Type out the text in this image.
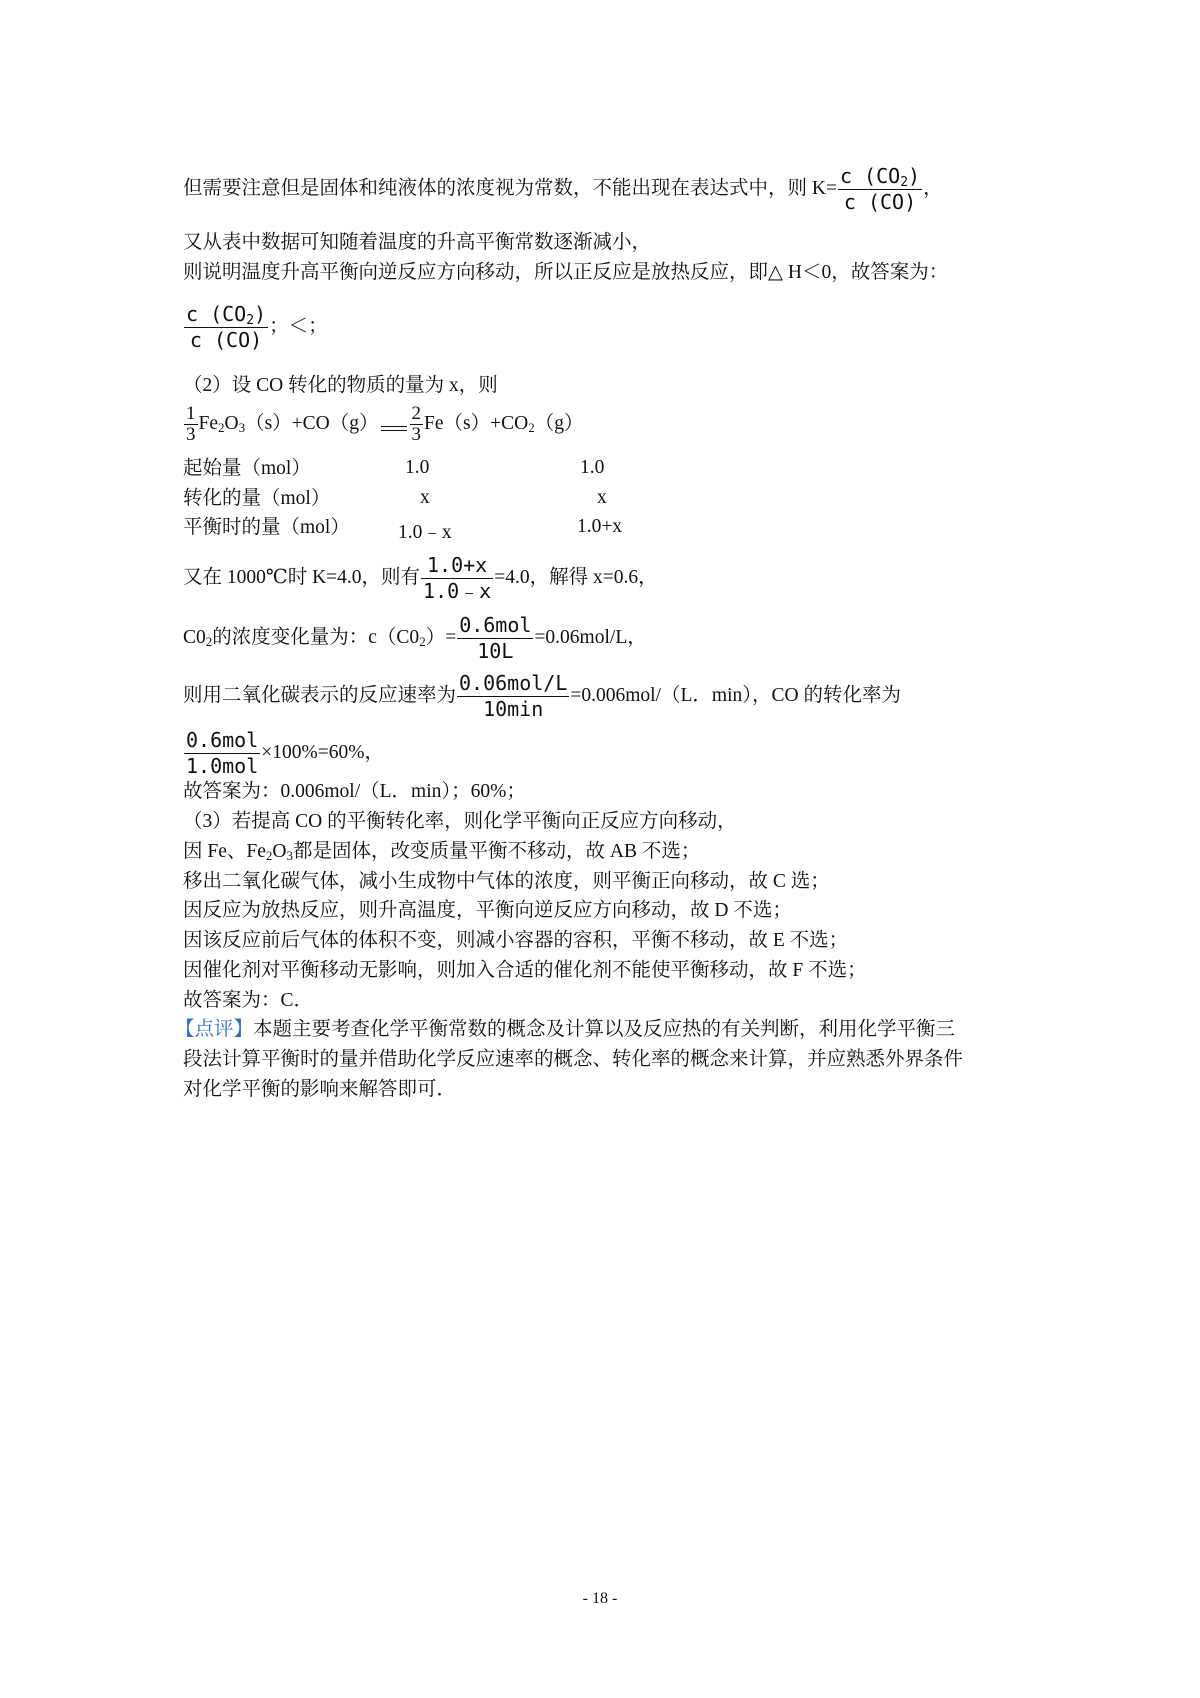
但需要注意但是固体和纯液体的浓度视为常数，不能出现在表达式中，则 $K= \frac{c (CO_2)}{c (CO)}$ ，
又从表中数据可知随着温度的升高平衡常数逐渐减小，
则说明温度升高平衡向逆反应方向移动，所以正反应是放热反应，即△ H＜0，故答案为：
$\frac{c (CO_2)}{c (CO)}$ ；＜；
（2）设 CO 转化的物质的量为 x，则
$\frac{1}{3} Fe_2O_3(s)+CO(g) \frac{2}{3} Fe(s)+CO_2(g)$
起始量（mol）	1.0	1.0
转化的量（mol）	x	x
平衡时的量（mol） 1.0﹣x	1.0+x
又在 1000℃时 K=4.0，则有 $\frac{1.0+x}{1.0﹣x} =4.0$，解得 x=0.6，
$C0_2$的浓度变化量为：$c(C0_2)= \frac{\text{0.6mol}}{10L} =0.06mol/L$，
则用二氧化碳表示的反应速率为 $\frac{\text{0.06mol/L}}{10\min} =0.006mol/(L$．min），CO 的转化率为
$\frac{\text{0.6mol}}{\text{1.0mol}} \times 100\%=60\%$，
故答案为：0.006mol/（L．min）；60%；
（3）若提高 CO 的平衡转化率，则化学平衡向正反应方向移动，
因 Fe、$Fe_2O_3$都是固体，改变质量平衡不移动，故 AB 不选；
移出二氧化碳气体，减小生成物中气体的浓度，则平衡正向移动，故 C 选；
因反应为放热反应，则升高温度，平衡向逆反应方向移动，故 D 不选；
因该反应前后气体的体积不变，则减小容器的容积，平衡不移动，故 E 不选；
因催化剂对平衡移动无影响，则加入合适的催化剂不能使平衡移动，故 F 不选；
故答案为：C．
【点评】本题主要考查化学平衡常数的概念及计算以及反应热的有关判断，利用化学平衡三
段法计算平衡时的量并借助化学反应速率的概念、转化率的概念来计算，并应熟悉外界条件
对化学平衡的影响来解答即可．
- 18 -
